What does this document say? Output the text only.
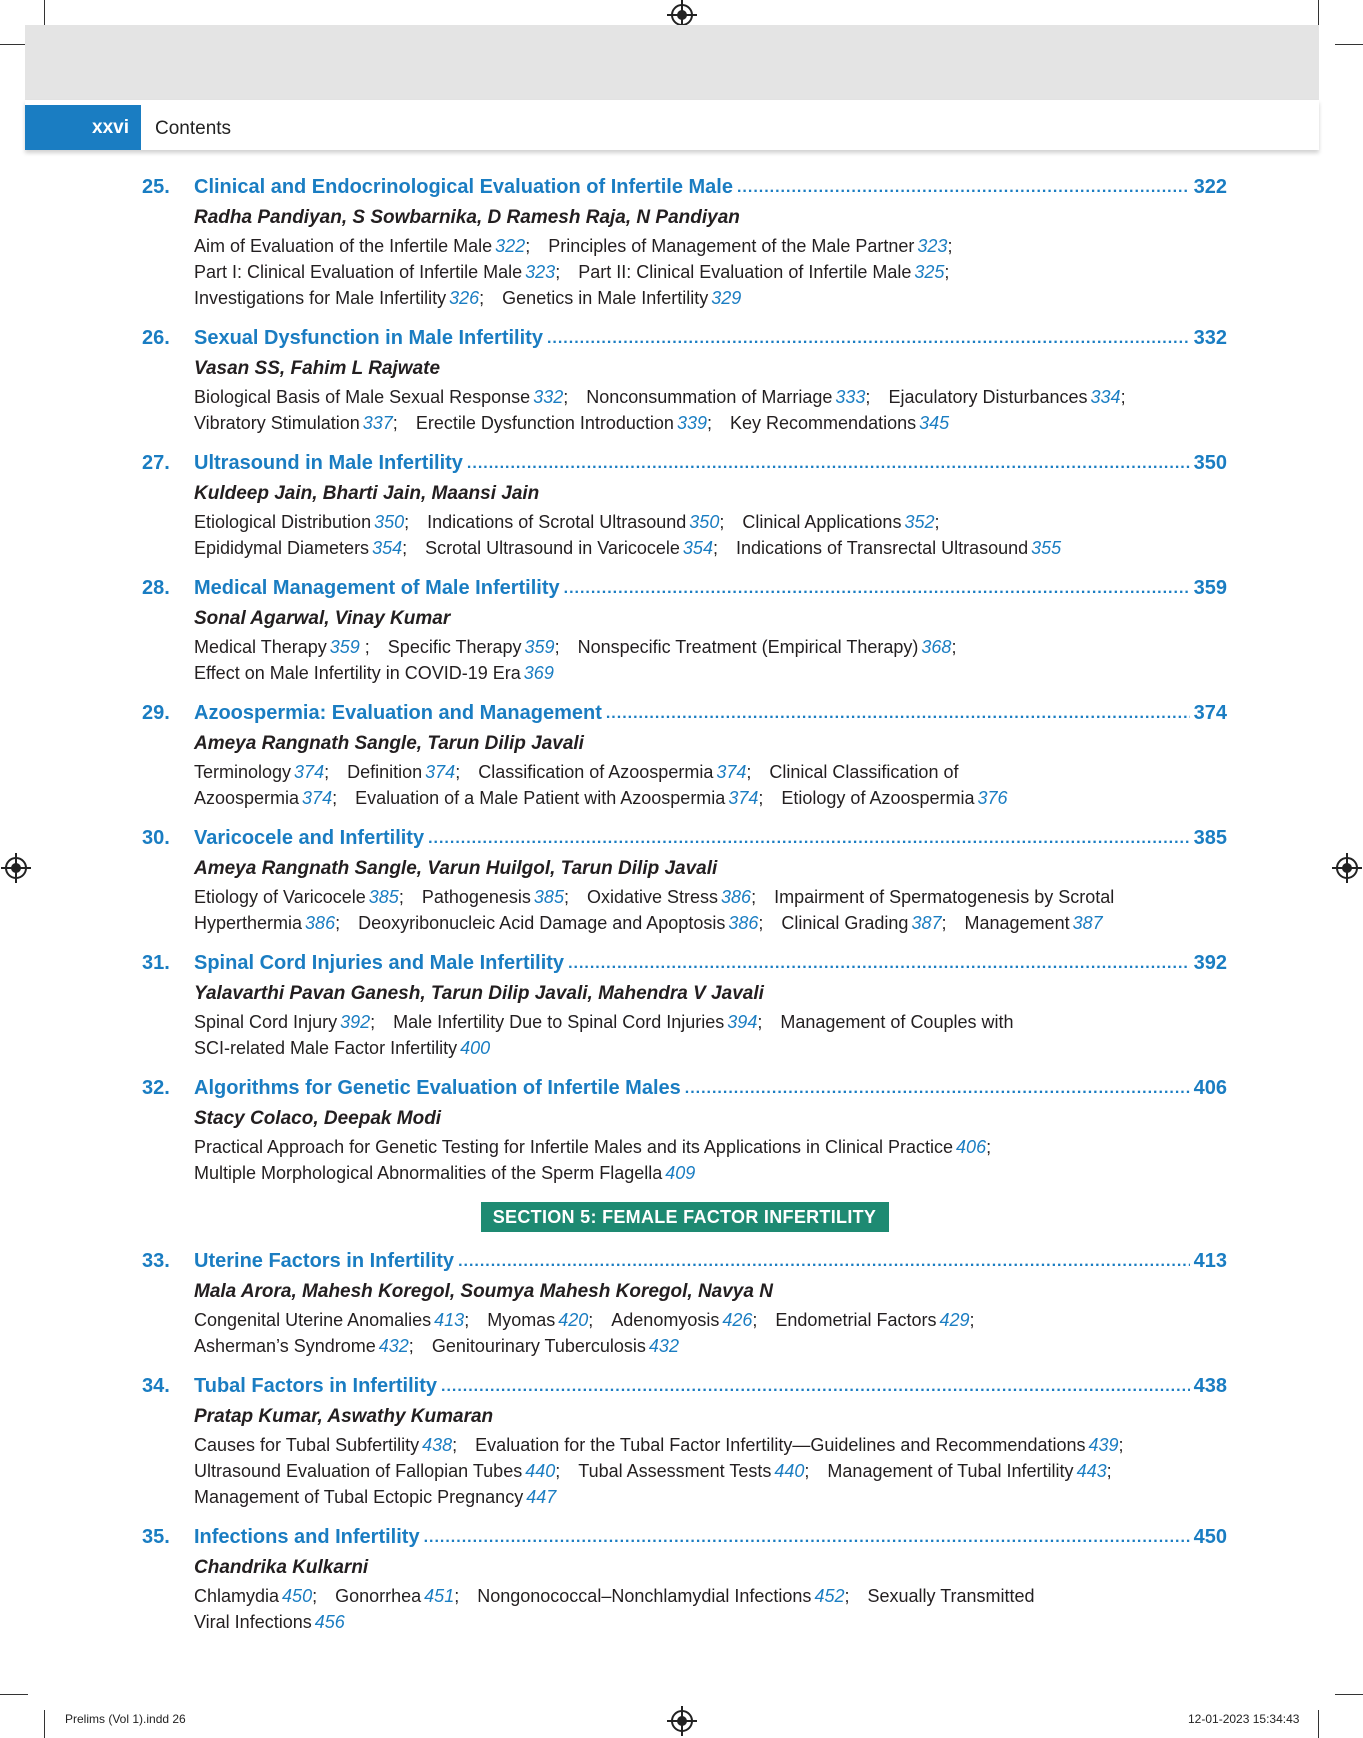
xxvi	Contents
25.	Clinical and Endocrinological Evaluation of Infertile Male .....	322
Radha Pandiyan, S Sowbarnika, D Ramesh Raja, N Pandiyan
Aim of Evaluation of the Infertile Male 322; Principles of Management of the Male Partner 323;
Part I: Clinical Evaluation of Infertile Male 323; Part II: Clinical Evaluation of Infertile Male 325;
Investigations for Male Infertility 326; Genetics in Male Infertility 329
26.	Sexual Dysfunction in Male Infertility .....	332
Vasan SS, Fahim L Rajwate
Biological Basis of Male Sexual Response 332; Nonconsummation of Marriage 333; Ejaculatory Disturbances 334;
Vibratory Stimulation 337; Erectile Dysfunction Introduction 339; Key Recommendations 345
27.	Ultrasound in Male Infertility .....	350
Kuldeep Jain, Bharti Jain, Maansi Jain
Etiological Distribution 350; Indications of Scrotal Ultrasound 350; Clinical Applications 352;
Epididymal Diameters 354; Scrotal Ultrasound in Varicocele 354; Indications of Transrectal Ultrasound 355
28.	Medical Management of Male Infertility .....	359
Sonal Agarwal, Vinay Kumar
Medical Therapy 359 ; Specific Therapy 359; Nonspecific Treatment (Empirical Therapy) 368;
Effect on Male Infertility in COVID-19 Era 369
29.	Azoospermia: Evaluation and Management .....	374
Ameya Rangnath Sangle, Tarun Dilip Javali
Terminology 374; Definition 374; Classification of Azoospermia 374; Clinical Classification of
Azoospermia 374; Evaluation of a Male Patient with Azoospermia 374; Etiology of Azoospermia 376
30.	Varicocele and Infertility .....	385
Ameya Rangnath Sangle, Varun Huilgol, Tarun Dilip Javali
Etiology of Varicocele 385; Pathogenesis 385; Oxidative Stress 386; Impairment of Spermatogenesis by Scrotal
Hyperthermia 386; Deoxyribonucleic Acid Damage and Apoptosis 386; Clinical Grading 387; Management 387
31.	Spinal Cord Injuries and Male Infertility .....	392
Yalavarthi Pavan Ganesh, Tarun Dilip Javali, Mahendra V Javali
Spinal Cord Injury 392; Male Infertility Due to Spinal Cord Injuries 394; Management of Couples with
SCI-related Male Factor Infertility 400
32.	Algorithms for Genetic Evaluation of Infertile Males .....	406
Stacy Colaco, Deepak Modi
Practical Approach for Genetic Testing for Infertile Males and its Applications in Clinical Practice 406;
Multiple Morphological Abnormalities of the Sperm Flagella 409
SECTION 5: FEMALE FACTOR INFERTILITY
33.	Uterine Factors in Infertility .....	413
Mala Arora, Mahesh Koregol, Soumya Mahesh Koregol, Navya N
Congenital Uterine Anomalies 413; Myomas 420; Adenomyosis 426; Endometrial Factors 429;
Asherman’s Syndrome 432; Genitourinary Tuberculosis 432
34.	Tubal Factors in Infertility .....	438
Pratap Kumar, Aswathy Kumaran
Causes for Tubal Subfertility 438; Evaluation for the Tubal Factor Infertility—Guidelines and Recommendations 439;
Ultrasound Evaluation of Fallopian Tubes 440; Tubal Assessment Tests 440; Management of Tubal Infertility 443;
Management of Tubal Ectopic Pregnancy 447
35.	Infections and Infertility .....	450
Chandrika Kulkarni
Chlamydia 450; Gonorrhea 451; Nongonococcal–Nonchlamydial Infections 452; Sexually Transmitted
Viral Infections 456
Prelims (Vol 1).indd 26	12-01-2023 15:34:43
